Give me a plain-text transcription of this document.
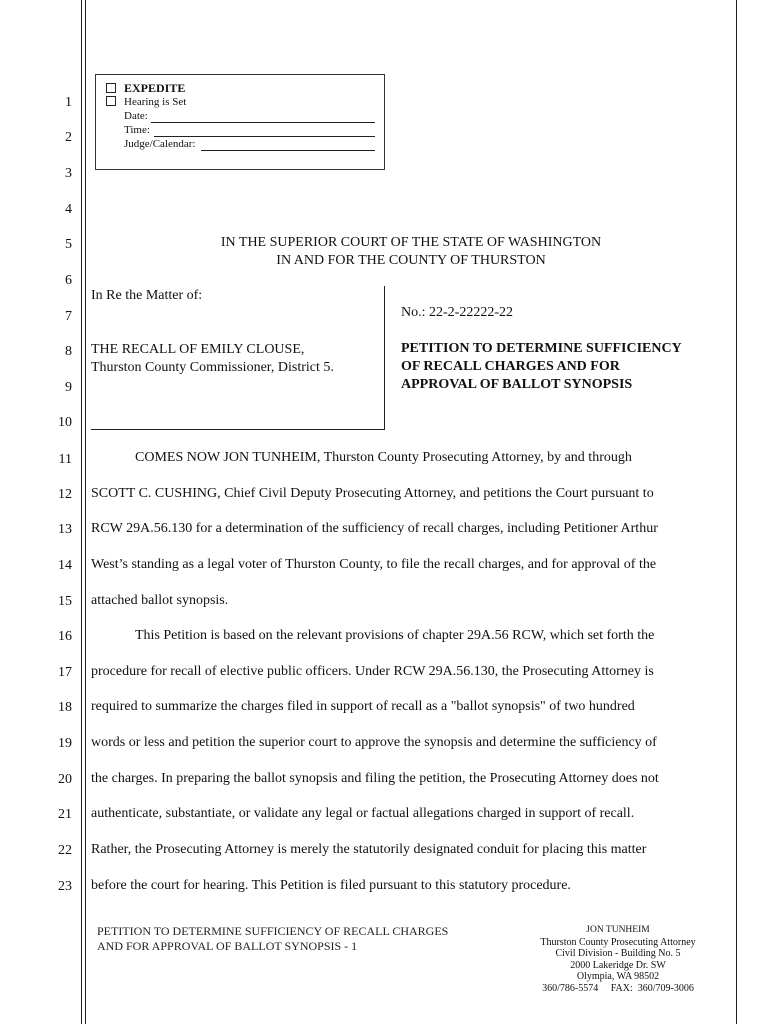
1
2
3
4
5
6
7
8
9
10
11
12
13
14
15
16
17
18
19
20
21
22
23
EXPEDITE
Hearing is Set
Date:
Time:
Judge/Calendar:
IN THE SUPERIOR COURT OF THE STATE OF WASHINGTON
IN AND FOR THE COUNTY OF THURSTON
In Re the Matter of:
THE RECALL OF EMILY CLOUSE,
Thurston County Commissioner, District 5.
No.: 22-2-22222-22
PETITION TO DETERMINE SUFFICIENCY
OF RECALL CHARGES AND FOR
APPROVAL OF BALLOT SYNOPSIS
COMES NOW JON TUNHEIM, Thurston County Prosecuting Attorney, by and through
SCOTT C. CUSHING, Chief Civil Deputy Prosecuting Attorney, and petitions the Court pursuant to
RCW 29A.56.130 for a determination of the sufficiency of recall charges, including Petitioner Arthur
West’s standing as a legal voter of Thurston County, to file the recall charges, and for approval of the
attached ballot synopsis.
This Petition is based on the relevant provisions of chapter 29A.56 RCW, which set forth the
procedure for recall of elective public officers. Under RCW 29A.56.130, the Prosecuting Attorney is
required to summarize the charges filed in support of recall as a "ballot synopsis" of two hundred
words or less and petition the superior court to approve the synopsis and determine the sufficiency of
the charges. In preparing the ballot synopsis and filing the petition, the Prosecuting Attorney does not
authenticate, substantiate, or validate any legal or factual allegations charged in support of recall.
Rather, the Prosecuting Attorney is merely the statutorily designated conduit for placing this matter
before the court for hearing. This Petition is filed pursuant to this statutory procedure.
PETITION TO DETERMINE SUFFICIENCY OF RECALL CHARGES
AND FOR APPROVAL OF BALLOT SYNOPSIS - 1
JON TUNHEIM
Thurston County Prosecuting Attorney
Civil Division - Building No. 5
2000 Lakeridge Dr. SW
Olympia, WA 98502
360/786-5574     FAX:  360/709-3006
